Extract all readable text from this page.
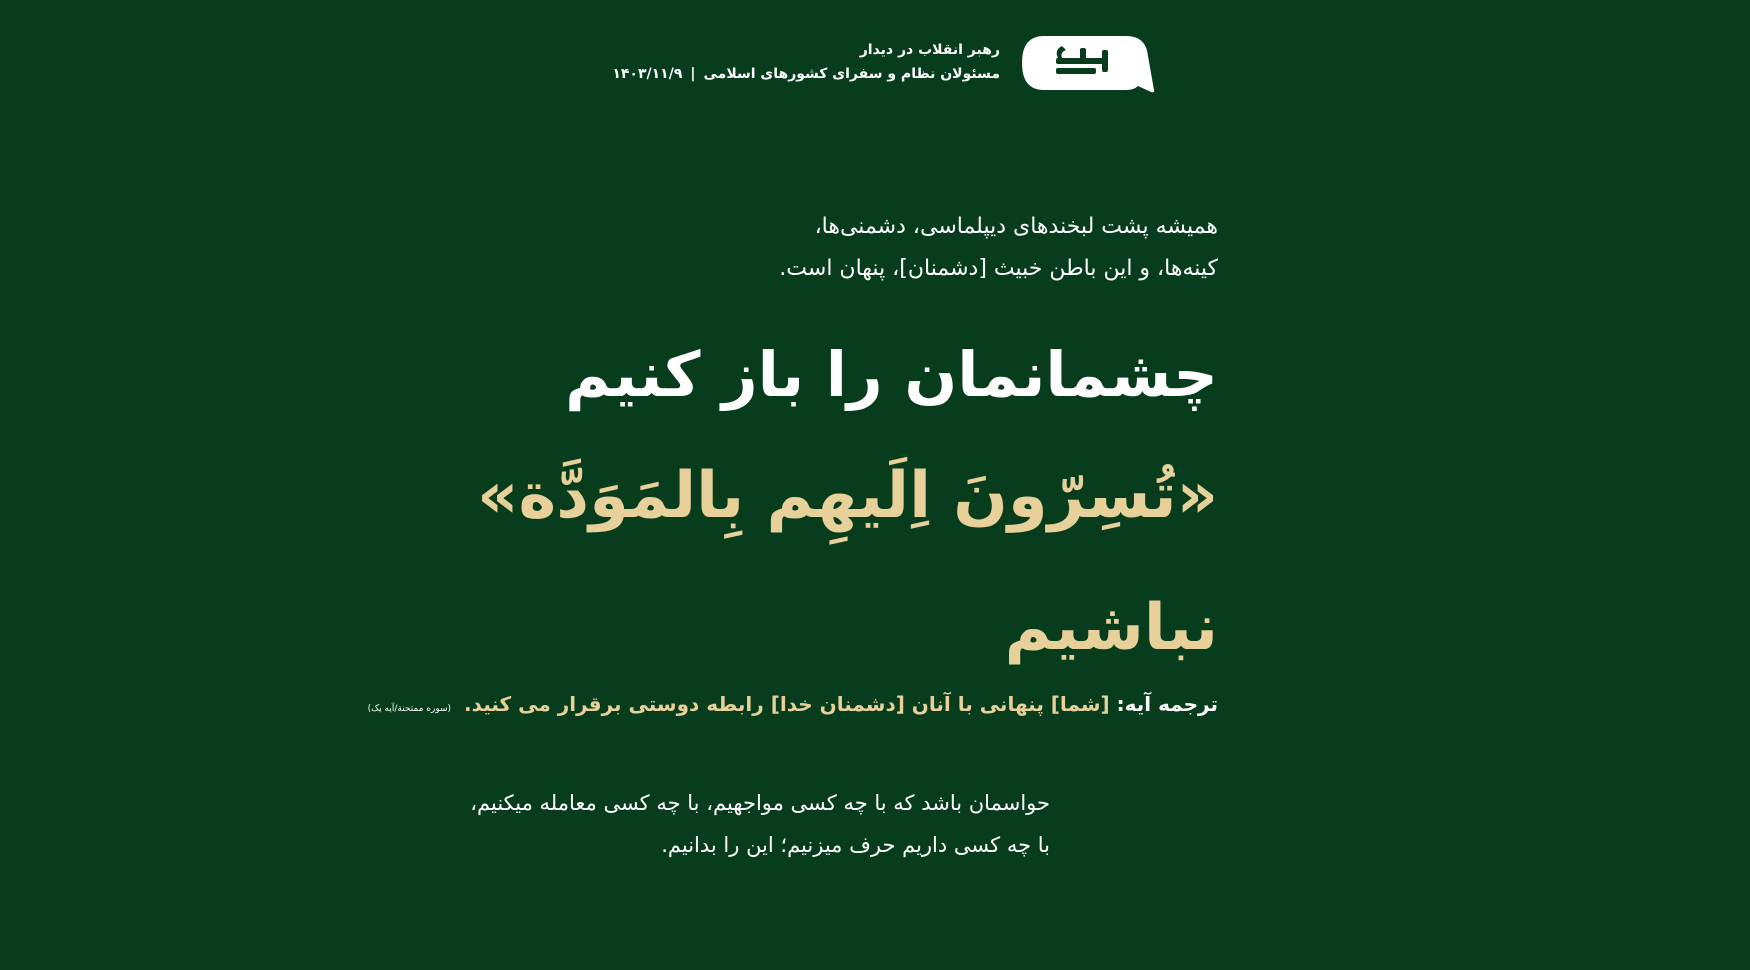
رهبر انقلاب در دیدار
مسئولان نظام و سفرای کشورهای اسلامی|۱۴۰۳/۱۱/۹
همیشه پشت لبخندهای دیپلماسی، دشمنی‌ها،
کینه‌ها، و این باطن خبیث [دشمنان]، پنهان است.
چشمانمان را باز کنیم
«تُسِرّونَ اِلَیهِم بِالمَوَدَّة»
نباشیم
ترجمه آیه: [شما] پنهانی با آنان [دشمنان خدا] رابطه دوستی برقرار می کنید. (سوره ممتحنة/آیه یک)
حواسمان باشد که با چه کسی مواجهیم، با چه کسی معامله میکنیم،
با چه کسی داریم حرف میزنیم؛ این را بدانیم.
